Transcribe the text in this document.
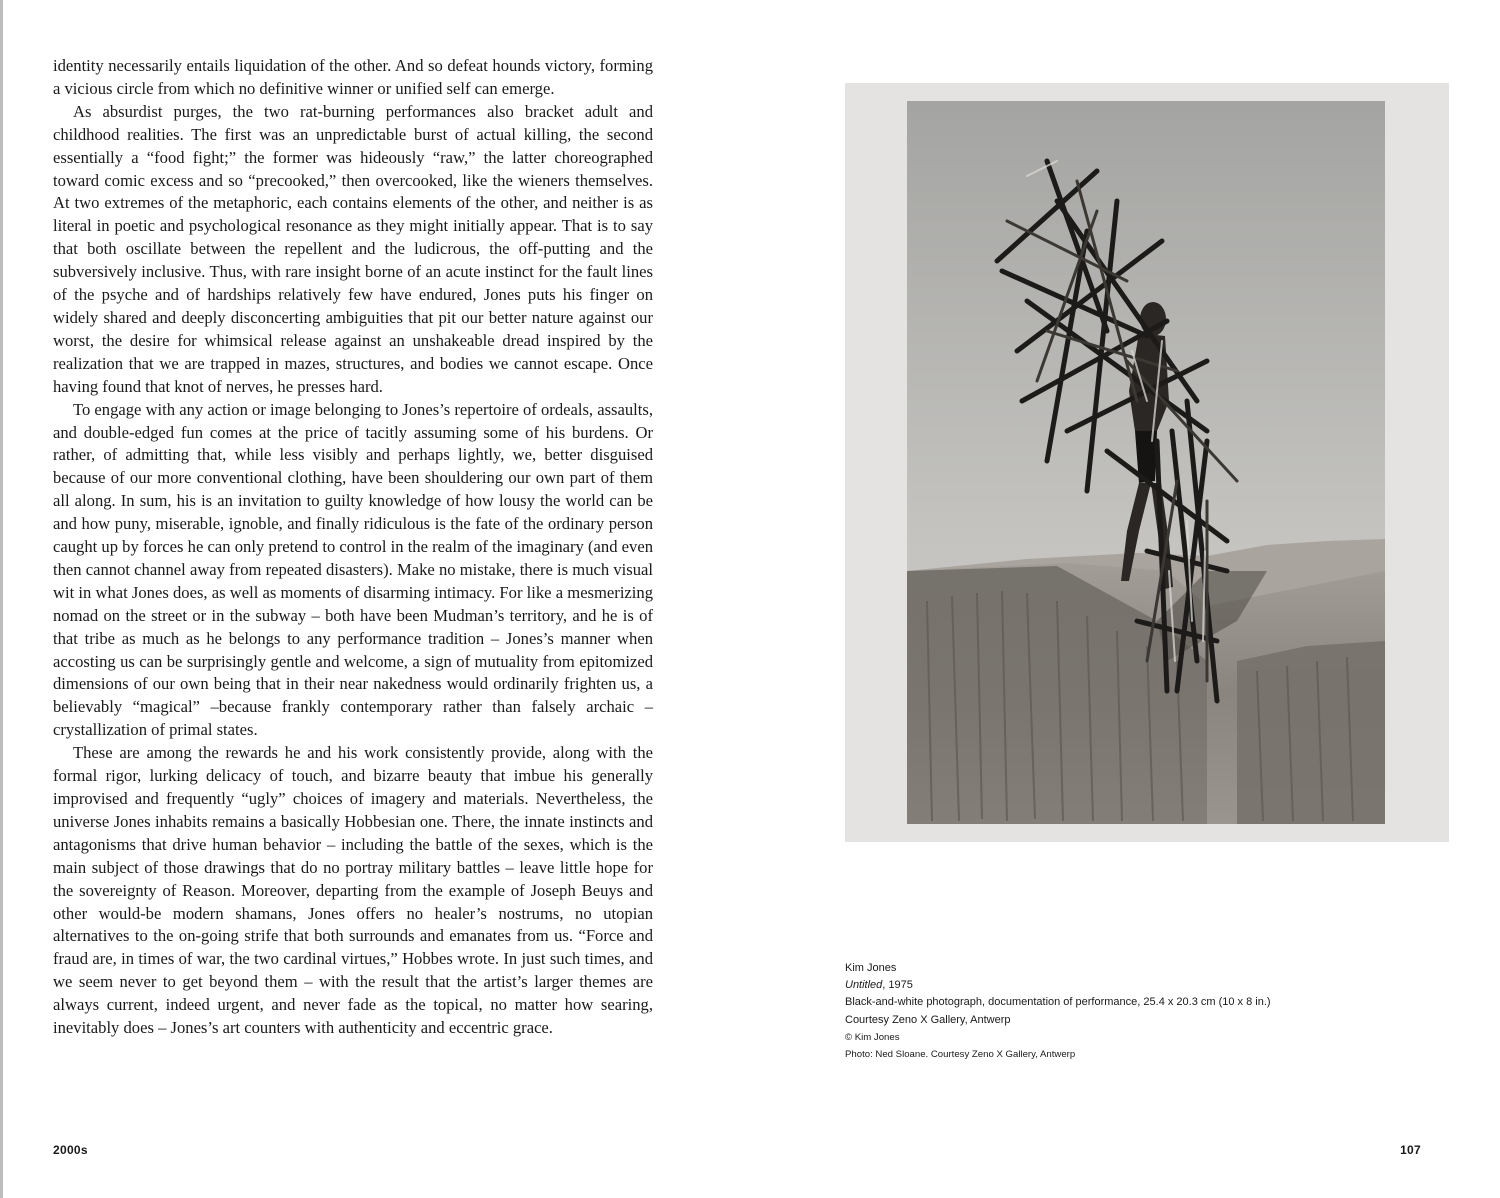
identity necessarily entails liquidation of the other. And so defeat hounds victory, forming a vicious circle from which no definitive winner or unified self can emerge.

As absurdist purges, the two rat-burning performances also bracket adult and childhood realities. The first was an unpredictable burst of actual killing, the second essentially a “food fight;” the former was hideously “raw,” the latter choreographed toward comic excess and so “precooked,” then overcooked, like the wieners themselves. At two extremes of the metaphoric, each contains elements of the other, and neither is as literal in poetic and psychological resonance as they might initially appear. That is to say that both oscillate between the repellent and the ludicrous, the off-putting and the subversively inclusive. Thus, with rare insight borne of an acute instinct for the fault lines of the psyche and of hardships relatively few have endured, Jones puts his finger on widely shared and deeply disconcerting ambiguities that pit our better nature against our worst, the desire for whimsical release against an unshakeable dread inspired by the realization that we are trapped in mazes, structures, and bodies we cannot escape. Once having found that knot of nerves, he presses hard.

To engage with any action or image belonging to Jones’s repertoire of ordeals, assaults, and double-edged fun comes at the price of tacitly assuming some of his burdens. Or rather, of admitting that, while less visibly and perhaps lightly, we, better disguised because of our more conventional clothing, have been shouldering our own part of them all along. In sum, his is an invitation to guilty knowledge of how lousy the world can be and how puny, miserable, ignoble, and finally ridiculous is the fate of the ordinary person caught up by forces he can only pretend to control in the realm of the imaginary (and even then cannot channel away from repeated disasters). Make no mistake, there is much visual wit in what Jones does, as well as moments of disarming intimacy. For like a mesmerizing nomad on the street or in the subway – both have been Mudman’s territory, and he is of that tribe as much as he belongs to any performance tradition – Jones’s manner when accosting us can be surprisingly gentle and welcome, a sign of mutuality from epitomized dimensions of our own being that in their near nakedness would ordinarily frighten us, a believably “magical” –because frankly contemporary rather than falsely archaic – crystallization of primal states.

These are among the rewards he and his work consistently provide, along with the formal rigor, lurking delicacy of touch, and bizarre beauty that imbue his generally improvised and frequently “ugly” choices of imagery and materials. Nevertheless, the universe Jones inhabits remains a basically Hobbesian one. There, the innate instincts and antagonisms that drive human behavior – including the battle of the sexes, which is the main subject of those drawings that do no portray military battles – leave little hope for the sovereignty of Reason. Moreover, departing from the example of Joseph Beuys and other would-be modern shamans, Jones offers no healer’s nostrums, no utopian alternatives to the on-going strife that both surrounds and emanates from us. “Force and fraud are, in times of war, the two cardinal virtues,” Hobbes wrote. In just such times, and we seem never to get beyond them – with the result that the artist’s larger themes are always current, indeed urgent, and never fade as the topical, no matter how searing, inevitably does – Jones’s art counters with authenticity and eccentric grace.

Kim Jones
Untitled, 1975
Black-and-white photograph, documentation of performance, 25.4 x 20.3 cm (10 x 8 in.)
Courtesy Zeno X Gallery, Antwerp
© Kim Jones
Photo: Ned Sloane. Courtesy Zeno X Gallery, Antwerp
2000s	107
